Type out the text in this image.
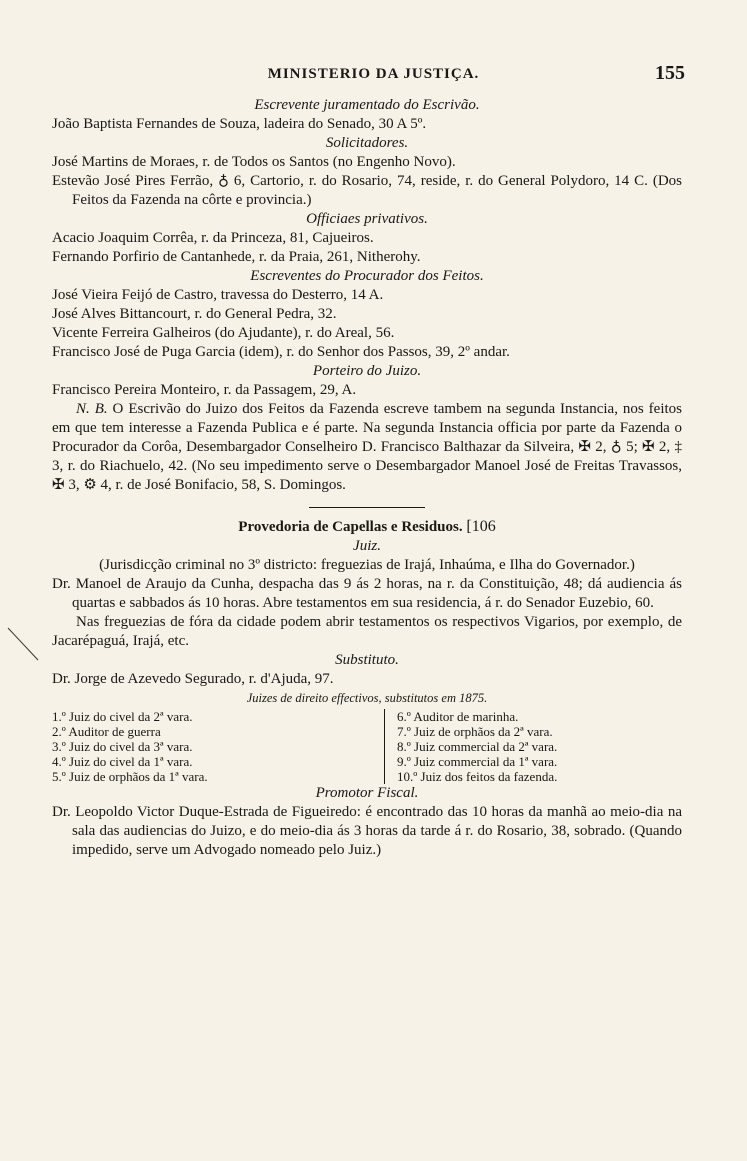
MINISTERIO DA JUSTIÇA.	155

Escrevente juramentado do Escrivão.

João Baptista Fernandes de Souza, ladeira do Senado, 30 A 5º.

Solicitadores.

José Martins de Moraes, r. de Todos os Santos (no Engenho Novo).

Estevão José Pires Ferrão, ♁ 6, Cartorio, r. do Rosario, 74, reside, r. do General Polydoro, 14 C. (Dos Feitos da Fazenda na côrte e provincia.)

Officiaes privativos.

Acacio Joaquim Corrêa, r. da Princeza, 81, Cajueiros.

Fernando Porfirio de Cantanhede, r. da Praia, 261, Nitherohy.

Escreventes do Procurador dos Feitos.

José Vieira Feijó de Castro, travessa do Desterro, 14 A.

José Alves Bittancourt, r. do General Pedra, 32.

Vicente Ferreira Galheiros (do Ajudante), r. do Areal, 56.

Francisco José de Puga Garcia (idem), r. do Senhor dos Passos, 39, 2º andar.

Porteiro do Juizo.

Francisco Pereira Monteiro, r. da Passagem, 29, A.

N. B. O Escrivão do Juizo dos Feitos da Fazenda escreve tambem na segunda Instancia, nos feitos em que tem interesse a Fazenda Publica e é parte. Na segunda Instancia officia por parte da Fazenda o Procurador da Corôa, Desembargador Conselheiro D. Francisco Balthazar da Silveira, ✠ 2, ♁ 5; ✠ 2, ‡ 3, r. do Riachuelo, 42. (No seu impedimento serve o Desembargador Manoel José de Freitas Travassos, ✠ 3, ⚙ 4, r. de José Bonifacio, 58, S. Domingos.

Provedoria de Capellas e Residuos. [106

Juiz.

(Jurisdicção criminal no 3º districto: freguezias de Irajá, Inhaúma, e Ilha do Governador.)

Dr. Manoel de Araujo da Cunha, despacha das 9 ás 2 horas, na r. da Constituição, 48; dá audiencia ás quartas e sabbados ás 10 horas. Abre testamentos em sua residencia, á r. do Senador Euzebio, 60.

Nas freguezias de fóra da cidade podem abrir testamentos os respectivos Vigarios, por exemplo, de Jacarépaguá, Irajá, etc.

Substituto.

Dr. Jorge de Azevedo Segurado, r. d'Ajuda, 97.

Juizes de direito effectivos, substitutos em 1875.

1.º Juiz do civel da 2ª vara.
2.º Auditor de guerra
3.º Juiz do civel da 3ª vara.
4.º Juiz do civel da 1ª vara.
5.º Juiz de orphãos da 1ª vara.
6.º Auditor de marinha.
7.º Juiz de orphãos da 2ª vara.
8.º Juiz commercial da 2ª vara.
9.º Juiz commercial da 1ª vara.
10.º Juiz dos feitos da fazenda.

Promotor Fiscal.

Dr. Leopoldo Victor Duque-Estrada de Figueiredo: é encontrado das 10 horas da manhã ao meio-dia na sala das audiencias do Juizo, e do meio-dia ás 3 horas da tarde á r. do Rosario, 38, sobrado. (Quando impedido, serve um Advogado nomeado pelo Juiz.)
